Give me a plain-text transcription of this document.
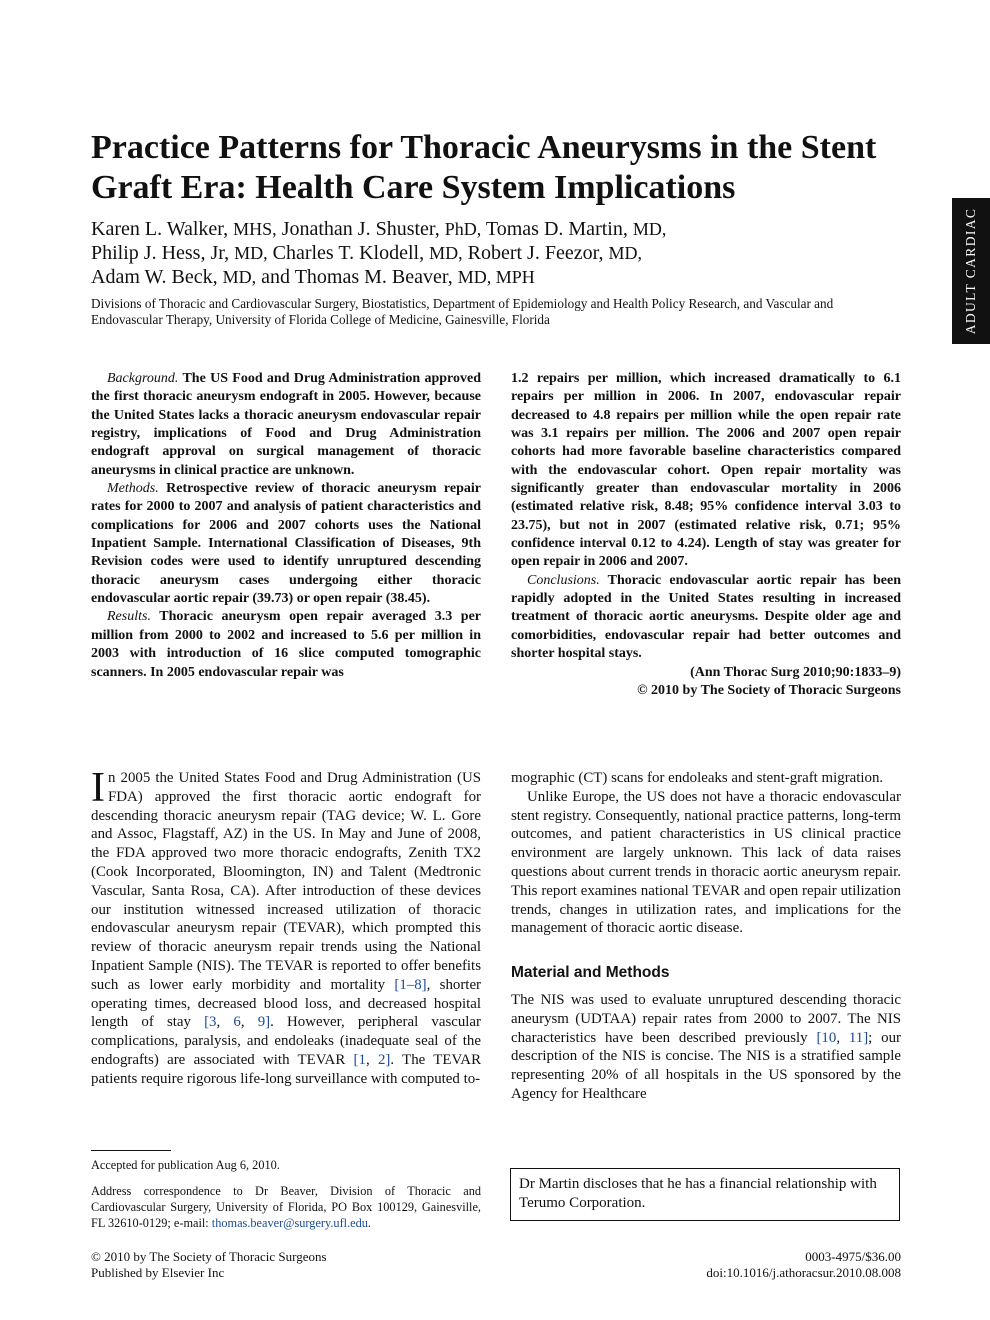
ADULT CARDIAC
Practice Patterns for Thoracic Aneurysms in the Stent Graft Era: Health Care System Implications

Karen L. Walker, MHS, Jonathan J. Shuster, PhD, Tomas D. Martin, MD,
Philip J. Hess, Jr, MD, Charles T. Klodell, MD, Robert J. Feezor, MD,
Adam W. Beck, MD, and Thomas M. Beaver, MD, MPH

Divisions of Thoracic and Cardiovascular Surgery, Biostatistics, Department of Epidemiology and Health Policy Research, and Vascular and Endovascular Therapy, University of Florida College of Medicine, Gainesville, Florida

Background. The US Food and Drug Administration approved the first thoracic aneurysm endograft in 2005. However, because the United States lacks a thoracic aneurysm endovascular repair registry, implications of Food and Drug Administration endograft approval on surgical management of thoracic aneurysms in clinical practice are unknown.

Methods. Retrospective review of thoracic aneurysm repair rates for 2000 to 2007 and analysis of patient characteristics and complications for 2006 and 2007 cohorts uses the National Inpatient Sample. International Classification of Diseases, 9th Revision codes were used to identify unruptured descending thoracic aneurysm cases undergoing either thoracic endovascular aortic repair (39.73) or open repair (38.45).

Results. Thoracic aneurysm open repair averaged 3.3 per million from 2000 to 2002 and increased to 5.6 per million in 2003 with introduction of 16 slice computed tomographic scanners. In 2005 endovascular repair was

1.2 repairs per million, which increased dramatically to 6.1 repairs per million in 2006. In 2007, endovascular repair decreased to 4.8 repairs per million while the open repair rate was 3.1 repairs per million. The 2006 and 2007 open repair cohorts had more favorable baseline characteristics compared with the endovascular cohort. Open repair mortality was significantly greater than endovascular mortality in 2006 (estimated relative risk, 8.48; 95% confidence interval 3.03 to 23.75), but not in 2007 (estimated relative risk, 0.71; 95% confidence interval 0.12 to 4.24). Length of stay was greater for open repair in 2006 and 2007.

Conclusions. Thoracic endovascular aortic repair has been rapidly adopted in the United States resulting in increased treatment of thoracic aortic aneurysms. Despite older age and comorbidities, endovascular repair had better outcomes and shorter hospital stays.

(Ann Thorac Surg 2010;90:1833–9)

© 2010 by The Society of Thoracic Surgeons

In 2005 the United States Food and Drug Administration (US FDA) approved the first thoracic aortic endograft for descending thoracic aneurysm repair (TAG device; W. L. Gore and Assoc, Flagstaff, AZ) in the US. In May and June of 2008, the FDA approved two more thoracic endografts, Zenith TX2 (Cook Incorporated, Bloomington, IN) and Talent (Medtronic Vascular, Santa Rosa, CA). After introduction of these devices our institution witnessed increased utilization of thoracic endovascular aneurysm repair (TEVAR), which prompted this review of thoracic aneurysm repair trends using the National Inpatient Sample (NIS). The TEVAR is reported to offer benefits such as lower early morbidity and mortality [1–8], shorter operating times, decreased blood loss, and decreased hospital length of stay [3, 6, 9]. However, peripheral vascular complications, paralysis, and endoleaks (inadequate seal of the endografts) are associated with TEVAR [1, 2]. The TEVAR patients require rigorous life-long surveillance with computed to-

mographic (CT) scans for endoleaks and stent-graft migration.

Unlike Europe, the US does not have a thoracic endovascular stent registry. Consequently, national practice patterns, long-term outcomes, and patient characteristics in US clinical practice environment are largely unknown. This lack of data raises questions about current trends in thoracic aortic aneurysm repair. This report examines national TEVAR and open repair utilization trends, changes in utilization rates, and implications for the management of thoracic aortic disease.

Material and Methods

The NIS was used to evaluate unruptured descending thoracic aneurysm (UDTAA) repair rates from 2000 to 2007. The NIS characteristics have been described previously [10, 11]; our description of the NIS is concise. The NIS is a stratified sample representing 20% of all hospitals in the US sponsored by the Agency for Healthcare

Accepted for publication Aug 6, 2010.

Address correspondence to Dr Beaver, Division of Thoracic and Cardiovascular Surgery, University of Florida, PO Box 100129, Gainesville, FL 32610-0129; e-mail: thomas.beaver@surgery.ufl.edu.

Dr Martin discloses that he has a financial relationship with Terumo Corporation.
© 2010 by The Society of Thoracic Surgeons
Published by Elsevier Inc
0003-4975/$36.00
doi:10.1016/j.athoracsur.2010.08.008
